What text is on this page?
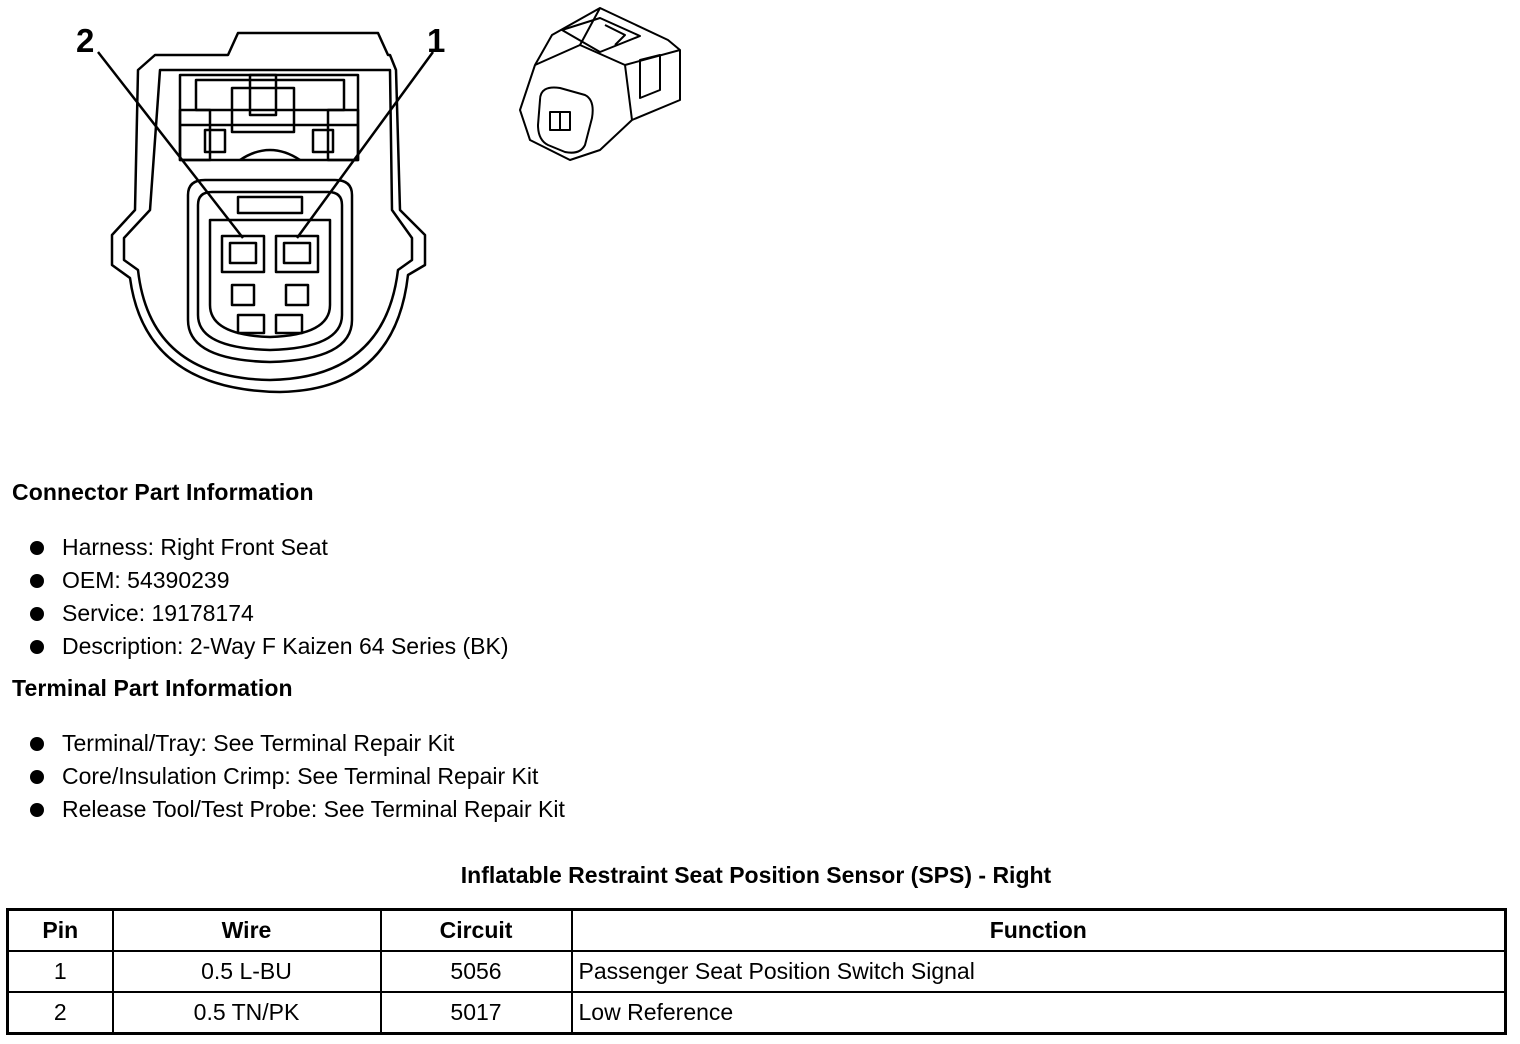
2	1
Connector Part Information
Harness: Right Front Seat
OEM: 54390239
Service: 19178174
Description: 2-Way F Kaizen 64 Series (BK)
Terminal Part Information
Terminal/Tray: See Terminal Repair Kit
Core/Insulation Crimp: See Terminal Repair Kit
Release Tool/Test Probe: See Terminal Repair Kit
Inflatable Restraint Seat Position Sensor (SPS) - Right
Pin	Wire	Circuit	Function
1	0.5 L-BU	5056	Passenger Seat Position Switch Signal
2	0.5 TN/PK	5017	Low Reference
